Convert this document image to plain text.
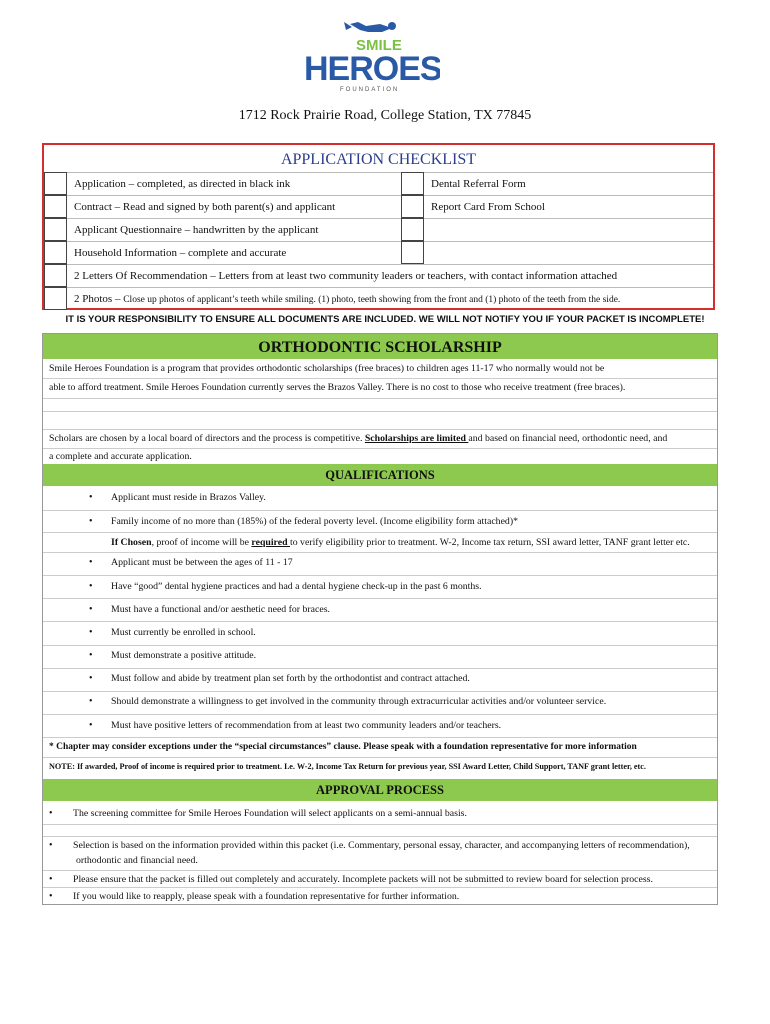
SMILE
HEROES
FOUNDATION
1712 Rock Prairie Road, College Station, TX 77845
APPLICATION CHECKLIST
Application – completed, as directed in black ink	Dental Referral Form
Contract – Read and signed by both parent(s) and applicant	Report Card From School
Applicant Questionnaire – handwritten by the applicant
Household Information – complete and accurate
2 Letters Of Recommendation – Letters from at least two community leaders or teachers, with contact information attached
2 Photos – Close up photos of applicant’s teeth while smiling. (1) photo, teeth showing from the front and (1) photo of the teeth from the side.
IT IS YOUR RESPONSIBILITY TO ENSURE ALL DOCUMENTS ARE INCLUDED. WE WILL NOT NOTIFY YOU IF YOUR PACKET IS INCOMPLETE!
ORTHODONTIC SCHOLARSHIP
Smile Heroes Foundation is a program that provides orthodontic scholarships (free braces) to children ages 11-17 who normally would not be
able to afford treatment. Smile Heroes Foundation currently serves the Brazos Valley. There is no cost to those who receive treatment (free braces).
Scholars are chosen by a local board of directors and the process is competitive. Scholarships are limited and based on financial need, orthodontic need, and
a complete and accurate application.
QUALIFICATIONS
• Applicant must reside in Brazos Valley.
• Family income of no more than (185%) of the federal poverty level. (Income eligibility form attached)*
If Chosen, proof of income will be required to verify eligibility prior to treatment. W-2, Income tax return, SSI award letter, TANF grant letter etc.
• Applicant must be between the ages of 11 - 17
• Have “good” dental hygiene practices and had a dental hygiene check-up in the past 6 months.
• Must have a functional and/or aesthetic need for braces.
• Must currently be enrolled in school.
• Must demonstrate a positive attitude.
• Must follow and abide by treatment plan set forth by the orthodontist and contract attached.
• Should demonstrate a willingness to get involved in the community through extracurricular activities and/or volunteer service.
• Must have positive letters of recommendation from at least two community leaders and/or teachers.
* Chapter may consider exceptions under the “special circumstances” clause. Please speak with a foundation representative for more information
NOTE: If awarded, Proof of income is required prior to treatment. I.e. W-2, Income Tax Return for previous year, SSI Award Letter, Child Support, TANF grant letter, etc.
APPROVAL PROCESS
• The screening committee for Smile Heroes Foundation will select applicants on a semi-annual basis.
• Selection is based on the information provided within this packet (i.e. Commentary, personal essay, character, and accompanying letters of recommendation),
orthodontic and financial need.
• Please ensure that the packet is filled out completely and accurately. Incomplete packets will not be submitted to review board for selection process.
• If you would like to reapply, please speak with a foundation representative for further information.
